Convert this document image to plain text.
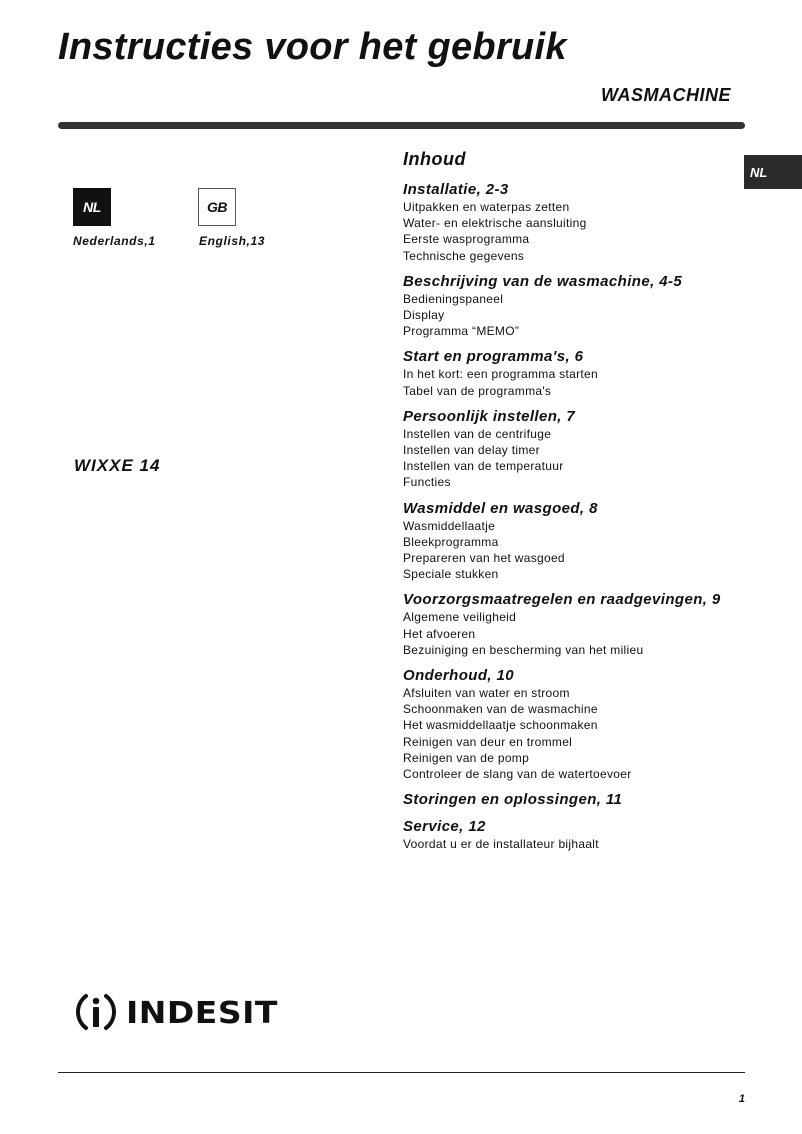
Instructies voor het gebruik
WASMACHINE
NL
NL
Nederlands,1
GB
English,13
WIXXE 14
Inhoud
Installatie, 2-3
Uitpakken en waterpas zetten
Water- en elektrische aansluiting
Eerste wasprogramma
Technische gegevens
Beschrijving van de wasmachine, 4-5
Bedieningspaneel
Display
Programma “MEMO”
Start en programma's, 6
In het kort: een programma starten
Tabel van de programma's
Persoonlijk instellen, 7
Instellen van de centrifuge
Instellen van delay timer
Instellen van de temperatuur
Functies
Wasmiddel en wasgoed, 8
Wasmiddellaatje
Bleekprogramma
Prepareren van het wasgoed
Speciale stukken
Voorzorgsmaatregelen en raadgevingen, 9
Algemene veiligheid
Het afvoeren
Bezuiniging en bescherming van het milieu
Onderhoud, 10
Afsluiten van water en stroom
Schoonmaken van de wasmachine
Het wasmiddellaatje schoonmaken
Reinigen van deur en trommel
Reinigen van de pomp
Controleer de slang van de watertoevoer
Storingen en oplossingen, 11
Service, 12
Voordat u er de installateur bijhaalt
INDESIT
1
